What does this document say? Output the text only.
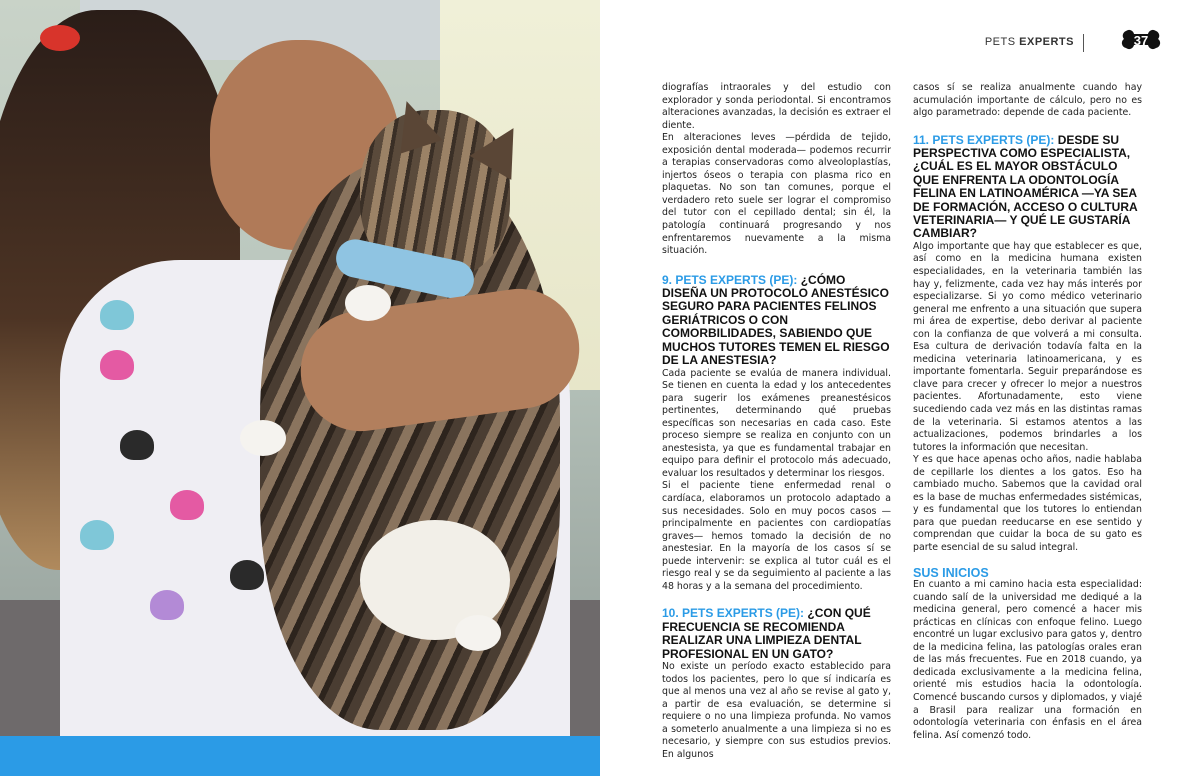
PETS EXPERTS	37

diografías intraorales y del estudio con explorador y sonda periodontal. Si encontramos alteraciones avanzadas, la decisión es extraer el diente.

En alteraciones leves —pérdida de tejido, exposición dental moderada— podemos recurrir a terapias conservadoras como alveoloplastías, injertos óseos o terapia con plasma rico en plaquetas. No son tan comunes, porque el verdadero reto suele ser lograr el compromiso del tutor con el cepillado dental; sin él, la patología continuará progresando y nos enfrentaremos nuevamente a la misma situación.

9. PETS EXPERTS (PE): ¿CÓMO DISEÑA UN PROTOCOLO ANESTÉSICO SEGURO PARA PACIENTES FELINOS GERIÁTRICOS O CON COMORBILIDADES, SABIENDO QUE MUCHOS TUTORES TEMEN EL RIESGO DE LA ANESTESIA?

Cada paciente se evalúa de manera individual. Se tienen en cuenta la edad y los antecedentes para sugerir los exámenes preanestésicos pertinentes, determinando qué pruebas específicas son necesarias en cada caso. Este proceso siempre se realiza en conjunto con un anestesista, ya que es fundamental trabajar en equipo para definir el protocolo más adecuado, evaluar los resultados y determinar los riesgos.

Si el paciente tiene enfermedad renal o cardíaca, elaboramos un protocolo adaptado a sus necesidades. Solo en muy pocos casos —principalmente en pacientes con cardiopatías graves— hemos tomado la decisión de no anestesiar. En la mayoría de los casos sí se puede intervenir: se explica al tutor cuál es el riesgo real y se da seguimiento al paciente a las 48 horas y a la semana del procedimiento.

10. PETS EXPERTS (PE): ¿CON QUÉ FRECUENCIA SE RECOMIENDA REALIZAR UNA LIMPIEZA DENTAL PROFESIONAL EN UN GATO?

No existe un período exacto establecido para todos los pacientes, pero lo que sí indicaría es que al menos una vez al año se revise al gato y, a partir de esa evaluación, se determine si requiere o no una limpieza profunda. No vamos a someterlo anualmente a una limpieza si no es necesario, y siempre con sus estudios previos. En algunos

casos sí se realiza anualmente cuando hay acumulación importante de cálculo, pero no es algo parametrado: depende de cada paciente.

11. PETS EXPERTS (PE): DESDE SU PERSPECTIVA COMO ESPECIALISTA, ¿CUÁL ES EL MAYOR OBSTÁCULO QUE ENFRENTA LA ODONTOLOGÍA FELINA EN LATINOAMÉRICA —YA SEA DE FORMACIÓN, ACCESO O CULTURA VETERINARIA— Y QUÉ LE GUSTARÍA CAMBIAR?

Algo importante que hay que establecer es que, así como en la medicina humana existen especialidades, en la veterinaria también las hay y, felizmente, cada vez hay más interés por especializarse. Si yo como médico veterinario general me enfrento a una situación que supera mi área de expertise, debo derivar al paciente con la confianza de que volverá a mi consulta. Esa cultura de derivación todavía falta en la medicina veterinaria latinoamericana, y es importante fomentarla. Seguir preparándose es clave para crecer y ofrecer lo mejor a nuestros pacientes. Afortunadamente, esto viene sucediendo cada vez más en las distintas ramas de la veterinaria. Si estamos atentos a las actualizaciones, podemos brindarles a los tutores la información que necesitan.

Y es que hace apenas ocho años, nadie hablaba de cepillarle los dientes a los gatos. Eso ha cambiado mucho. Sabemos que la cavidad oral es la base de muchas enfermedades sistémicas, y es fundamental que los tutores lo entiendan para que puedan reeducarse en ese sentido y comprendan que cuidar la boca de su gato es parte esencial de su salud integral.

SUS INICIOS

En cuanto a mi camino hacia esta especialidad: cuando salí de la universidad me dediqué a la medicina general, pero comencé a hacer mis prácticas en clínicas con enfoque felino. Luego encontré un lugar exclusivo para gatos y, dentro de la medicina felina, las patologías orales eran de las más frecuentes. Fue en 2018 cuando, ya dedicada exclusivamente a la medicina felina, orienté mis estudios hacia la odontología. Comencé buscando cursos y diplomados, y viajé a Brasil para realizar una formación en odontología veterinaria con énfasis en el área felina. Así comenzó todo.
